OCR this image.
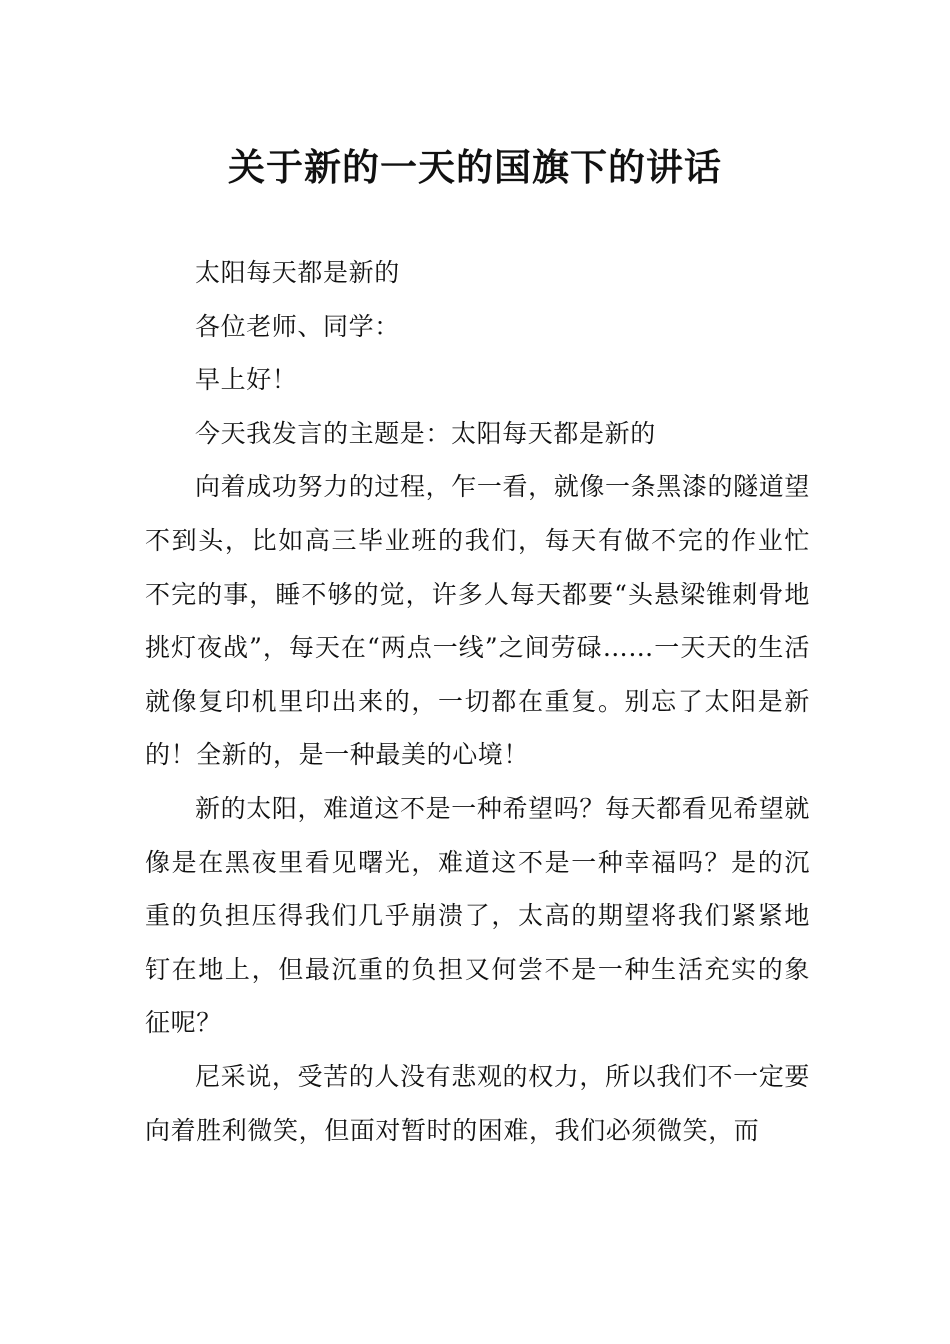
关于新的一天的国旗下的讲话

太阳每天都是新的

各位老师、同学：

早上好！

今天我发言的主题是：太阳每天都是新的

向着成功努力的过程，乍一看，就像一条黑漆的隧道望不到头，比如高三毕业班的我们，每天有做不完的作业忙不完的事，睡不够的觉，许多人每天都要“头悬梁锥刺骨地挑灯夜战”，每天在“两点一线”之间劳碌……一天天的生活就像复印机里印出来的，一切都在重复。别忘了太阳是新的！全新的，是一种最美的心境！

新的太阳，难道这不是一种希望吗？每天都看见希望就像是在黑夜里看见曙光，难道这不是一种幸福吗？是的沉重的负担压得我们几乎崩溃了，太高的期望将我们紧紧地钉在地上，但最沉重的负担又何尝不是一种生活充实的象征呢？

尼采说，受苦的人没有悲观的权力，所以我们不一定要向着胜利微笑，但面对暂时的困难，我们必须微笑，而
